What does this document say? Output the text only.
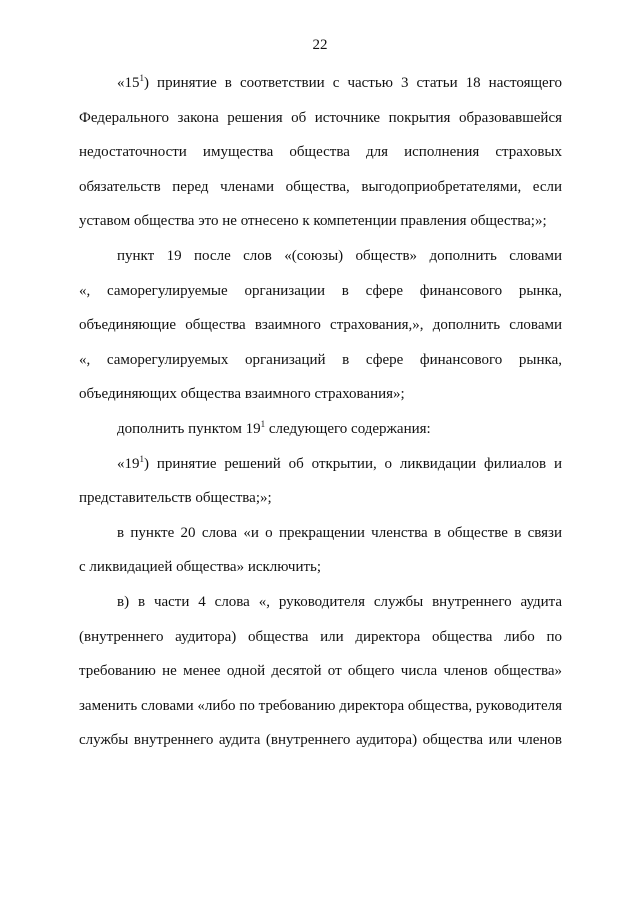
22
«$15^1$) принятие в соответствии с частью 3 статьи 18 настоящего
Федерального закона решения об источнике покрытия образовавшейся
недостаточности имущества общества для исполнения страховых
обязательств перед членами общества, выгодоприобретателями, если
уставом общества это не отнесено к компетенции правления общества;»;
пункт 19 после слов «(союзы) обществ» дополнить словами
«, саморегулируемые организации в сфере финансового рынка,
объединяющие общества взаимного страхования,», дополнить словами
«, саморегулируемых организаций в сфере финансового рынка,
объединяющих общества взаимного страхования»;
дополнить пунктом $19^1$ следующего содержания:
«$19^1$) принятие решений об открытии, о ликвидации филиалов и
представительств общества;»;
в пункте 20 слова «и о прекращении членства в обществе в связи
с ликвидацией общества» исключить;
в) в части 4 слова «, руководителя службы внутреннего аудита
(внутреннего аудитора) общества или директора общества либо по
требованию не менее одной десятой от общего числа членов общества»
заменить словами «либо по требованию директора общества, руководителя
службы внутреннего аудита (внутреннего аудитора) общества или членов
